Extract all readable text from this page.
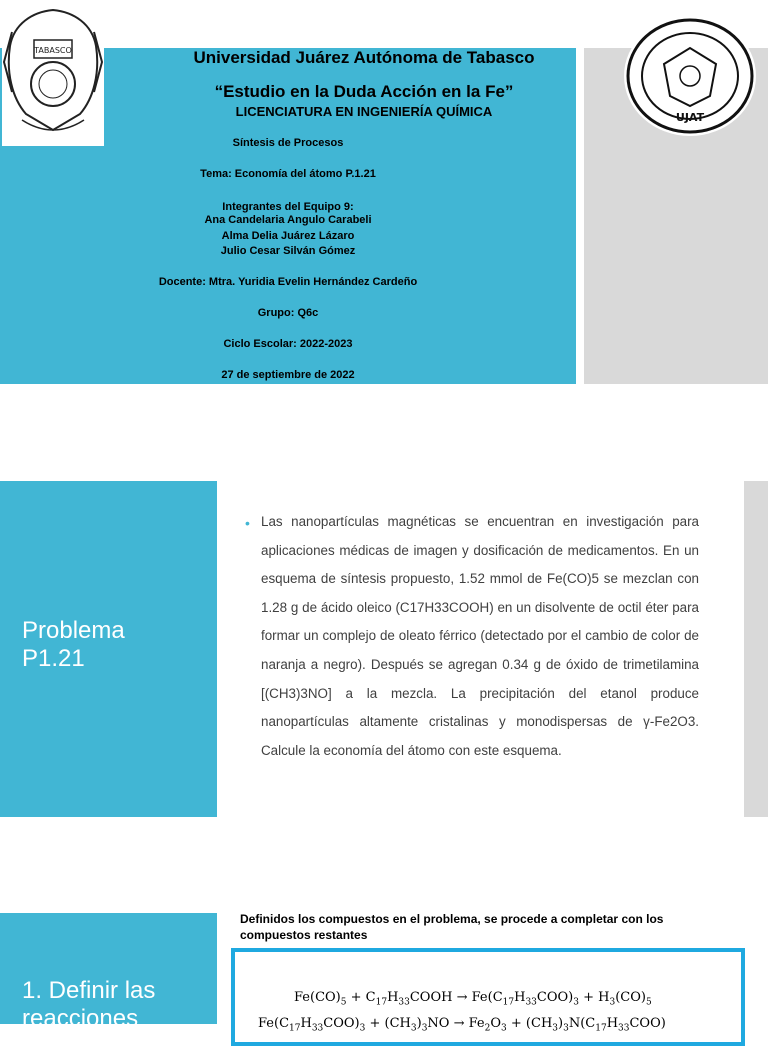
TABASCO
UJAT
Universidad Juárez Autónoma de Tabasco
“Estudio en la Duda Acción en la Fe”
LICENCIATURA EN INGENIERÍA QUÍMICA
Síntesis de Procesos
Tema: Economía del átomo P.1.21
Integrantes del Equipo 9:
Ana Candelaria Angulo Carabeli
Alma Delia Juárez Lázaro
Julio Cesar Silván Gómez
Docente: Mtra. Yuridia Evelin Hernández Cardeño
Grupo: Q6c
Ciclo Escolar: 2022-2023
27 de septiembre de 2022
Problema
P1.21
• Las nanopartículas magnéticas se encuentran en investigación para aplicaciones médicas de imagen y dosificación de medicamentos. En un esquema de síntesis propuesto, 1.52 mmol de Fe(CO)5 se mezclan con 1.28 g de ácido oleico (C17H33COOH) en un disolvente de octil éter para formar un complejo de oleato férrico (detectado por el cambio de color de naranja a negro). Después se agregan 0.34 g de óxido de trimetilamina [(CH3)3NO] a la mezcla. La precipitación del etanol produce nanopartículas altamente cristalinas y monodispersas de γ-Fe2O3. Calcule la economía del átomo con este esquema.
1. Definir las
reacciones
Definidos los compuestos en el problema, se procede a completar con los compuestos restantes
$Fe(CO)_5$ + $C_{17}H_{33}COOH \to Fe(C_{17}H_{33}COO)_3 + H_3(CO)_5$
$Fe(C_{17}H_{33}COO)_3 + (CH_3)_3NO \to Fe_2O_3 + (CH_3)_3N(C_{17}H_{33}COO)$
